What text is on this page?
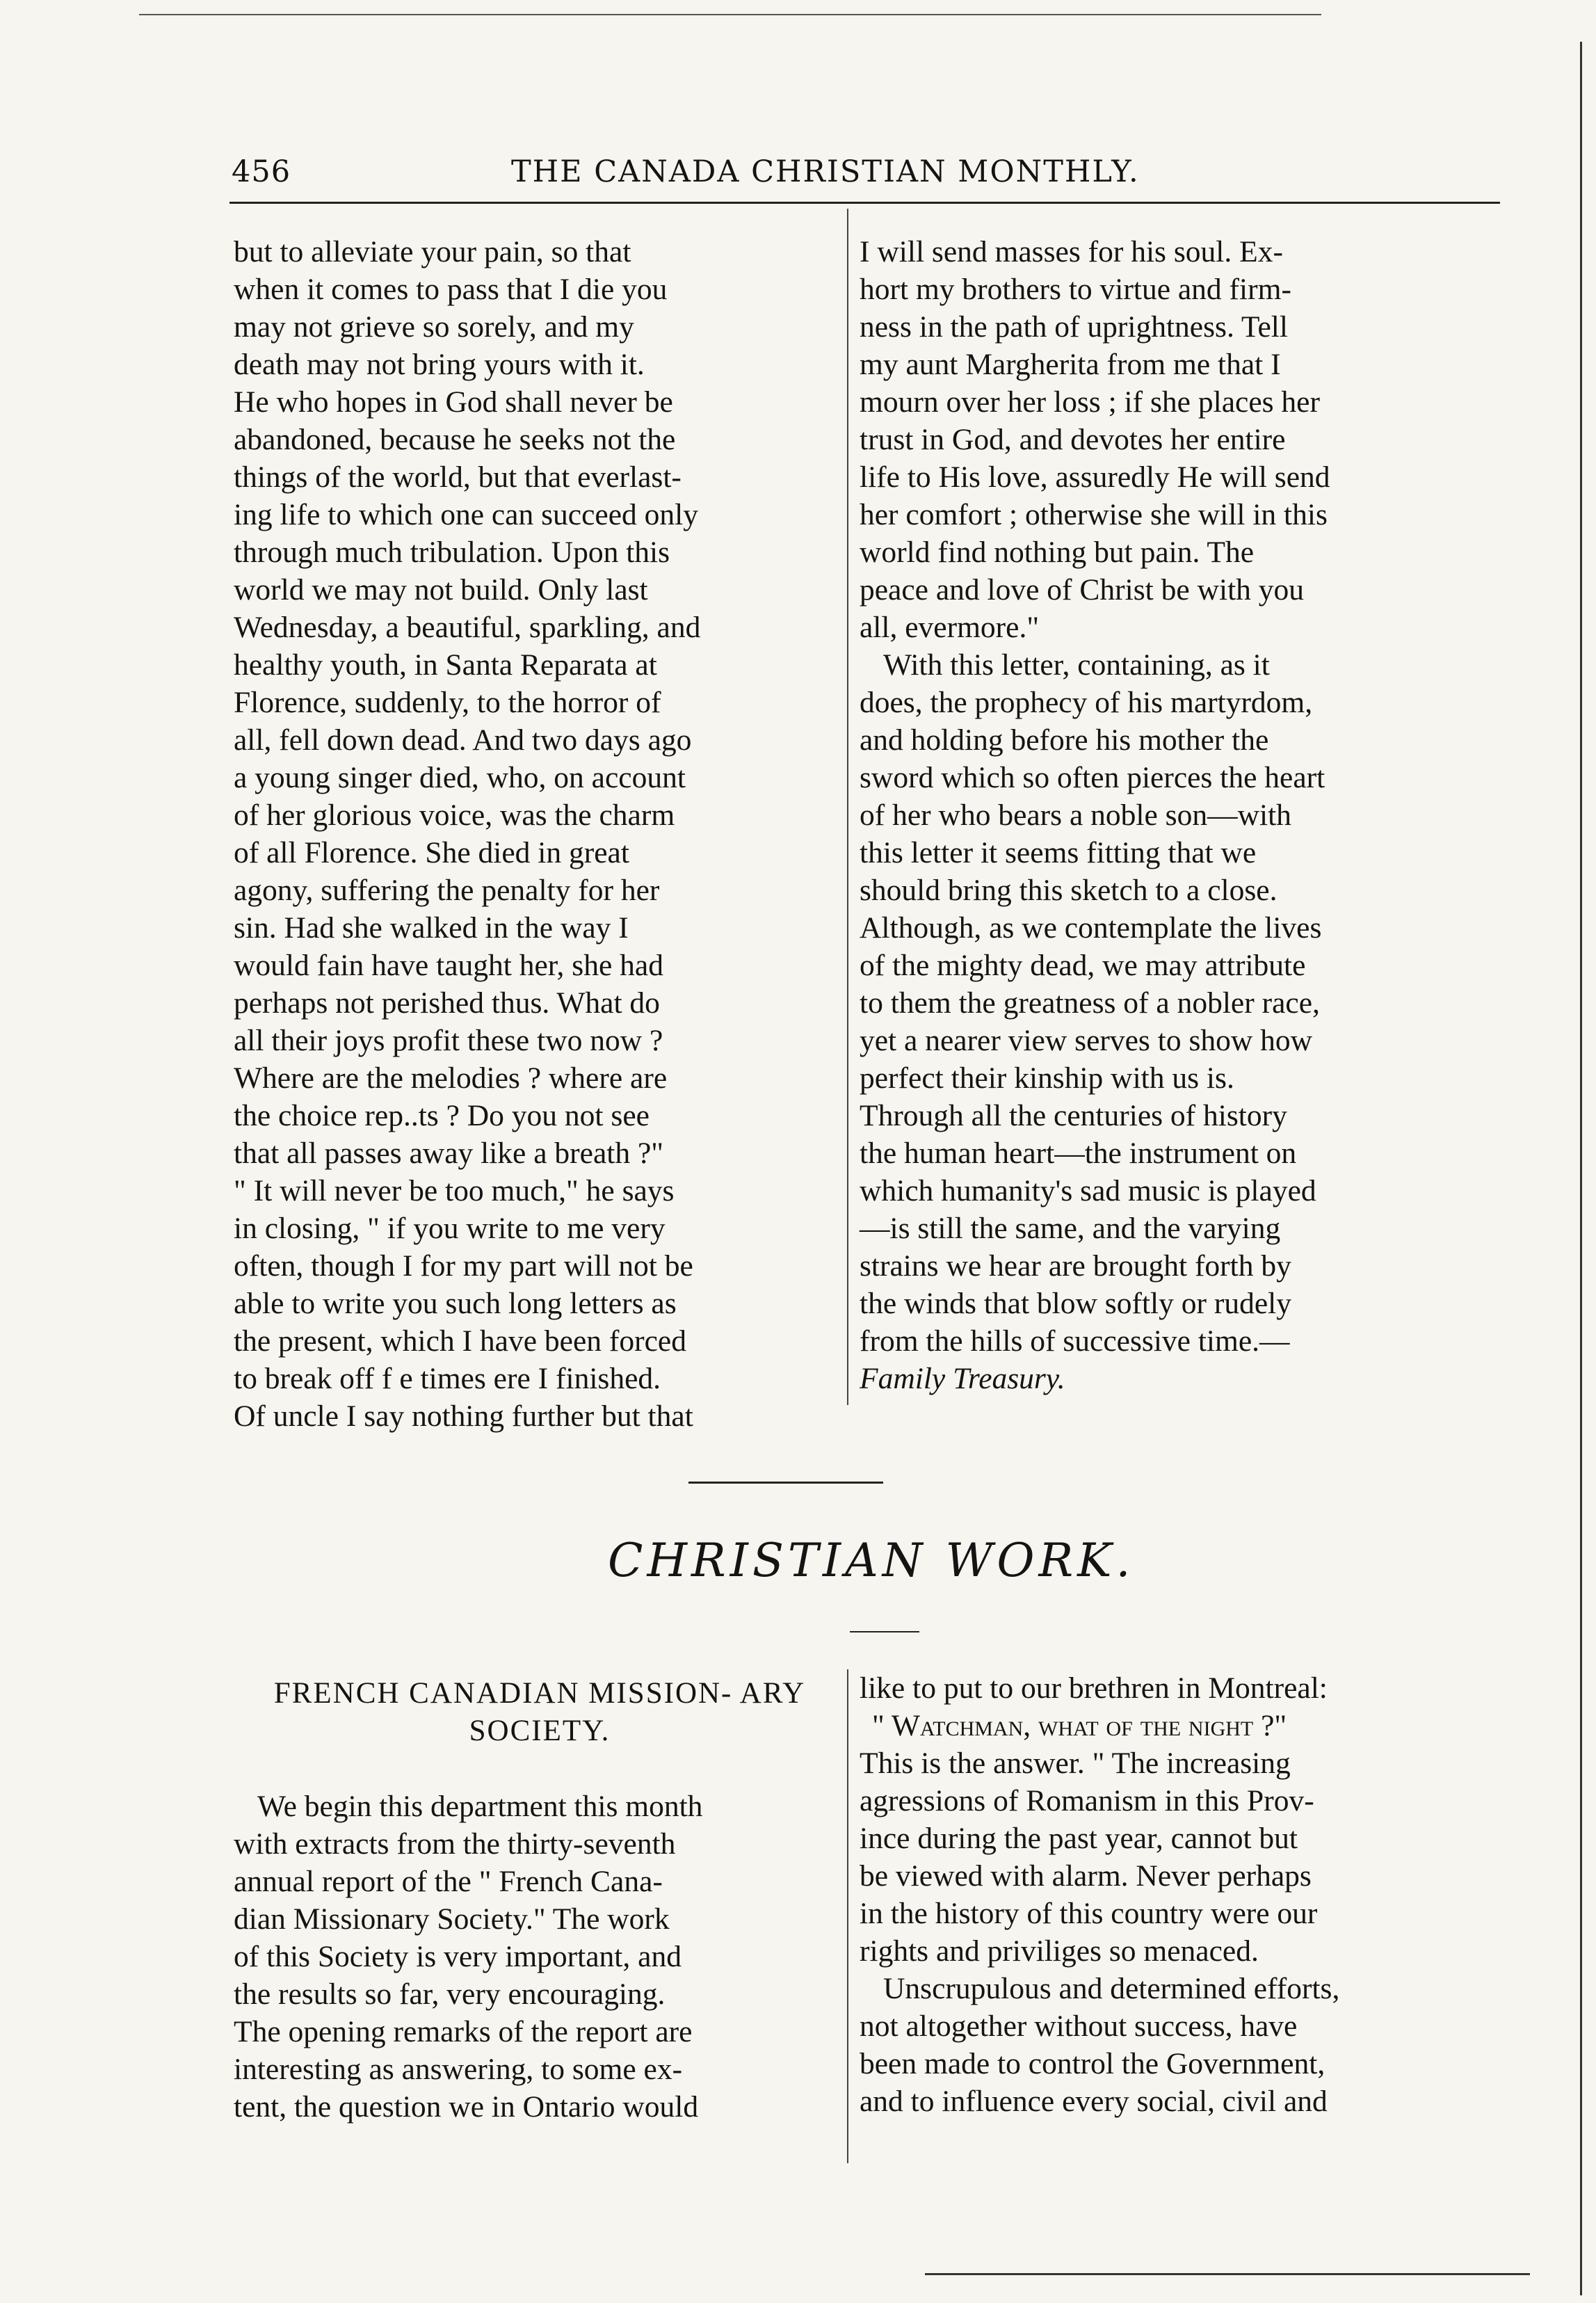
456	THE CANADA CHRISTIAN MONTHLY.
but to alleviate your pain, so that
when it comes to pass that I die you
may not grieve so sorely, and my
death may not bring yours with it.
He who hopes in God shall never be
abandoned, because he seeks not the
things of the world, but that everlast-
ing life to which one can succeed only
through much tribulation. Upon this
world we may not build. Only last
Wednesday, a beautiful, sparkling, and
healthy youth, in Santa Reparata at
Florence, suddenly, to the horror of
all, fell down dead. And two days ago
a young singer died, who, on account
of her glorious voice, was the charm
of all Florence. She died in great
agony, suffering the penalty for her
sin. Had she walked in the way I
would fain have taught her, she had
perhaps not perished thus. What do
all their joys profit these two now ?
Where are the melodies ? where are
the choice rep..ts ? Do you not see
that all passes away like a breath ?"
" It will never be too much," he says
in closing, " if you write to me very
often, though I for my part will not be
able to write you such long letters as
the present, which I have been forced
to break off f e times ere I finished.
Of uncle I say nothing further but that
I will send masses for his soul. Ex-
hort my brothers to virtue and firm-
ness in the path of uprightness. Tell
my aunt Margherita from me that I
mourn over her loss ; if she places her
trust in God, and devotes her entire
life to His love, assuredly He will send
her comfort ; otherwise she will in this
world find nothing but pain. The
peace and love of Christ be with you
all, evermore."
With this letter, containing, as it
does, the prophecy of his martyrdom,
and holding before his mother the
sword which so often pierces the heart
of her who bears a noble son—with
this letter it seems fitting that we
should bring this sketch to a close.
Although, as we contemplate the lives
of the mighty dead, we may attribute
to them the greatness of a nobler race,
yet a nearer view serves to show how
perfect their kinship with us is.
Through all the centuries of history
the human heart—the instrument on
which humanity's sad music is played
—is still the same, and the varying
strains we hear are brought forth by
the winds that blow softly or rudely
from the hills of successive time.—
Family Treasury.
CHRISTIAN WORK.
FRENCH CANADIAN MISSION- ARY SOCIETY.
We begin this department this month
with extracts from the thirty-seventh
annual report of the " French Cana-
dian Missionary Society." The work
of this Society is very important, and
the results so far, very encouraging.
The opening remarks of the report are
interesting as answering, to some ex-
tent, the question we in Ontario would
like to put to our brethren in Montreal:
" Watchman, what of the night ?"
This is the answer. " The increasing
agressions of Romanism in this Prov-
ince during the past year, cannot but
be viewed with alarm. Never perhaps
in the history of this country were our
rights and priviliges so menaced.
Unscrupulous and determined efforts,
not altogether without success, have
been made to control the Government,
and to influence every social, civil and
